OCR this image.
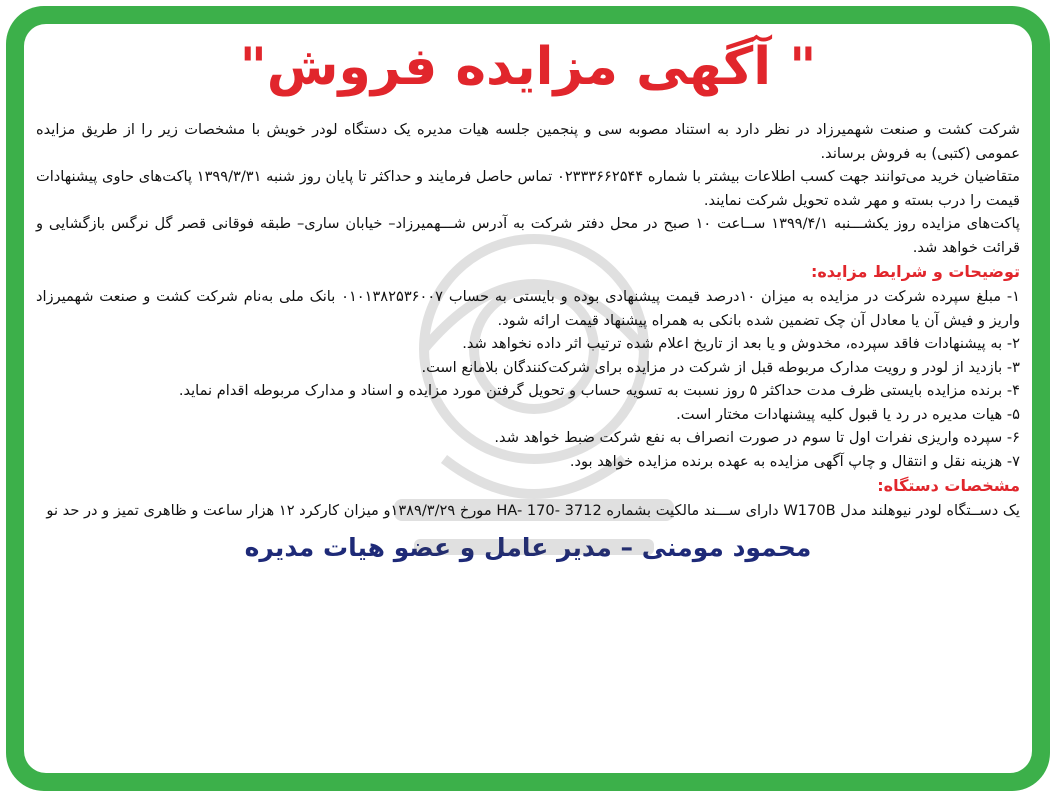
" آگهی مزایده فروش"

شرکت کشت و صنعت شهمیرزاد در نظر دارد به استناد مصوبه سی و پنجمین جلسه هیات مدیره یک دستگاه لودر خویش با مشخصات زیر را از طریق مزایده عمومی (کتبی) به فروش برساند.

متقاضیان خرید می‌توانند جهت کسب اطلاعات بیشتر با شماره ۰۲۳۳۳۶۶۲۵۴۴ تماس حاصل فرمایند و حداکثر تا پایان روز شنبه ۱۳۹۹/۳/۳۱ پاکت‌های حاوی پیشنهادات قیمت را درب بسته و مهر شده تحویل شرکت نمایند.

پاکت‌های مزایده روز یکشـــنبه ۱۳۹۹/۴/۱ ســاعت ۱۰ صبح در محل دفتر شرکت به آدرس شـــهمیرزاد– خیابان ساری– طبقه فوقانی قصر گل نرگس بازگشایی و قرائت خواهد شد.

توضیحات و شرایط مزایده:

۱- مبلغ سپرده شرکت در مزایده به میزان ۱۰درصد قیمت پیشنهادی بوده و بایستی به حساب ۰۱۰۱۳۸۲۵۳۶۰۰۷ بانک ملی به‌نام شرکت کشت و صنعت شهمیرزاد واریز و فیش آن یا معادل آن چک تضمین شده بانکی به همراه پیشنهاد قیمت ارائه شود.

۲- به پیشنهادات فاقد سپرده، مخدوش و یا بعد از تاریخ اعلام شده ترتیب اثر داده نخواهد شد.

۳- بازدید از لودر و رویت مدارک مربوطه قبل از شرکت در مزایده برای شرکت‌کنندگان بلامانع است.

۴- برنده مزایده بایستی ظرف مدت حداکثر ۵ روز نسبت به تسویه حساب و تحویل گرفتن مورد مزایده و اسناد و مدارک مربوطه اقدام نماید.

۵- هیات مدیره در رد یا قبول کلیه پیشنهادات مختار است.

۶- سپرده واریزی نفرات اول تا سوم در صورت انصراف به نفع شرکت ضبط خواهد شد.

۷- هزینه نقل و انتقال و چاپ آگهی مزایده به عهده برنده مزایده خواهد بود.

مشخصات دستگاه:

یک دســتگاه لودر نیوهلند مدل W170B دارای ســـند مالکیت بشماره HA- 170- 3712 مورخ ۱۳۸۹/۳/۲۹و میزان کارکرد ۱۲ هزار ساعت و ظاهری تمیز و در حد نو

محمود مومنی – مدیر عامل و عضو هیات مدیره
